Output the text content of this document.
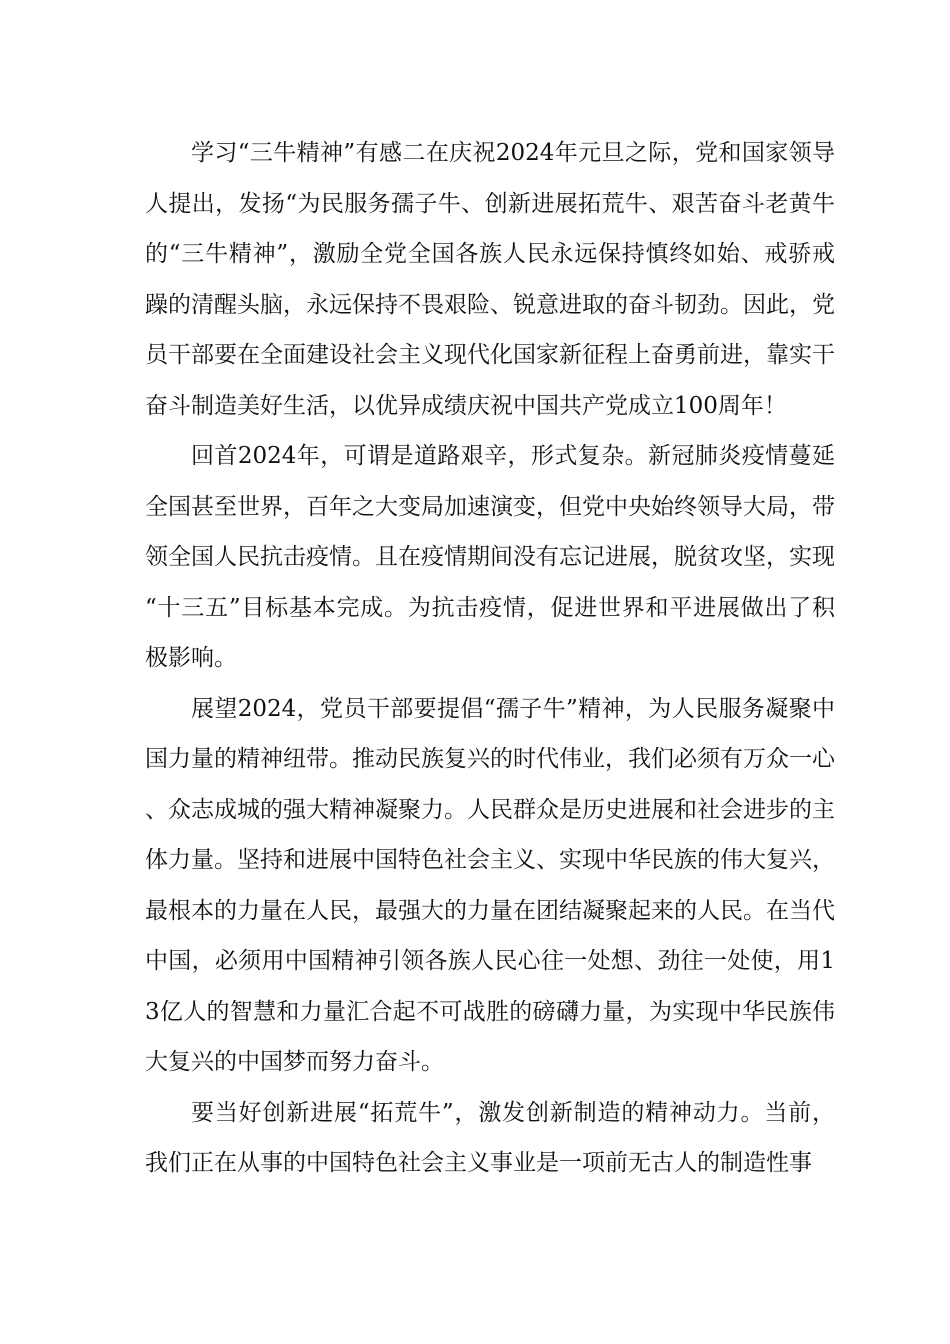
学习“三牛精神”有感二在庆祝2024年元旦之际，党和国家领导人提出，发扬“为民服务孺子牛、创新进展拓荒牛、艰苦奋斗老黄牛的“三牛精神”，激励全党全国各族人民永远保持慎终如始、戒骄戒躁的清醒头脑，永远保持不畏艰险、锐意进取的奋斗韧劲。因此，党员干部要在全面建设社会主义现代化国家新征程上奋勇前进，靠实干奋斗制造美好生活，以优异成绩庆祝中国共产党成立100周年！

回首2024年，可谓是道路艰辛，形式复杂。新冠肺炎疫情蔓延全国甚至世界，百年之大变局加速演变，但党中央始终领导大局，带领全国人民抗击疫情。且在疫情期间没有忘记进展，脱贫攻坚，实现“十三五”目标基本完成。为抗击疫情，促进世界和平进展做出了积极影响。

展望2024，党员干部要提倡“孺子牛”精神，为人民服务凝聚中国力量的精神纽带。推动民族复兴的时代伟业，我们必须有万众一心、众志成城的强大精神凝聚力。人民群众是历史进展和社会进步的主体力量。坚持和进展中国特色社会主义、实现中华民族的伟大复兴，最根本的力量在人民，最强大的力量在团结凝聚起来的人民。在当代中国，必须用中国精神引领各族人民心往一处想、劲往一处使，用13亿人的智慧和力量汇合起不可战胜的磅礴力量，为实现中华民族伟大复兴的中国梦而努力奋斗。

要当好创新进展“拓荒牛”，激发创新制造的精神动力。当前，我们正在从事的中国特色社会主义事业是一项前无古人的制造性事
